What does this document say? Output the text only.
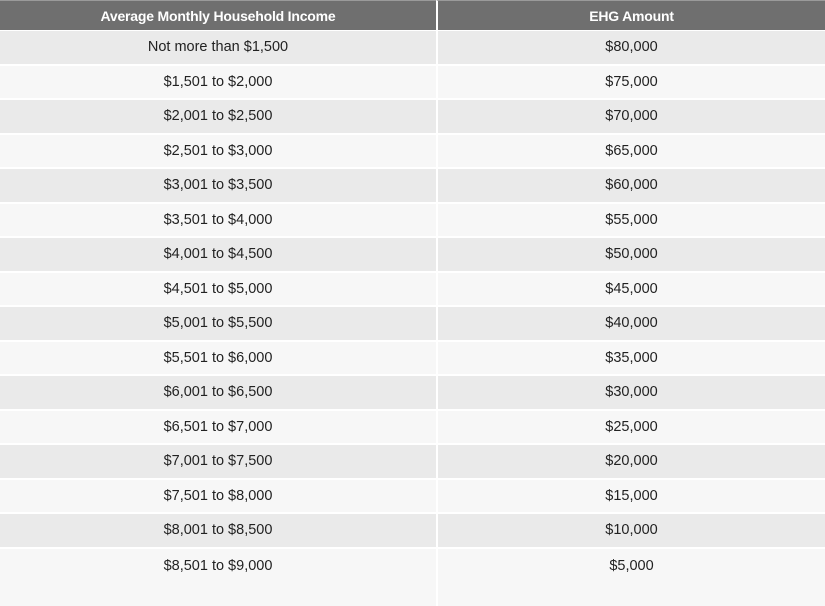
Average Monthly Household Income	EHG Amount
Not more than $1,500	$80,000
$1,501 to $2,000	$75,000
$2,001 to $2,500	$70,000
$2,501 to $3,000	$65,000
$3,001 to $3,500	$60,000
$3,501 to $4,000	$55,000
$4,001 to $4,500	$50,000
$4,501 to $5,000	$45,000
$5,001 to $5,500	$40,000
$5,501 to $6,000	$35,000
$6,001 to $6,500	$30,000
$6,501 to $7,000	$25,000
$7,001 to $7,500	$20,000
$7,501 to $8,000	$15,000
$8,001 to $8,500	$10,000
$8,501 to $9,000	$5,000
